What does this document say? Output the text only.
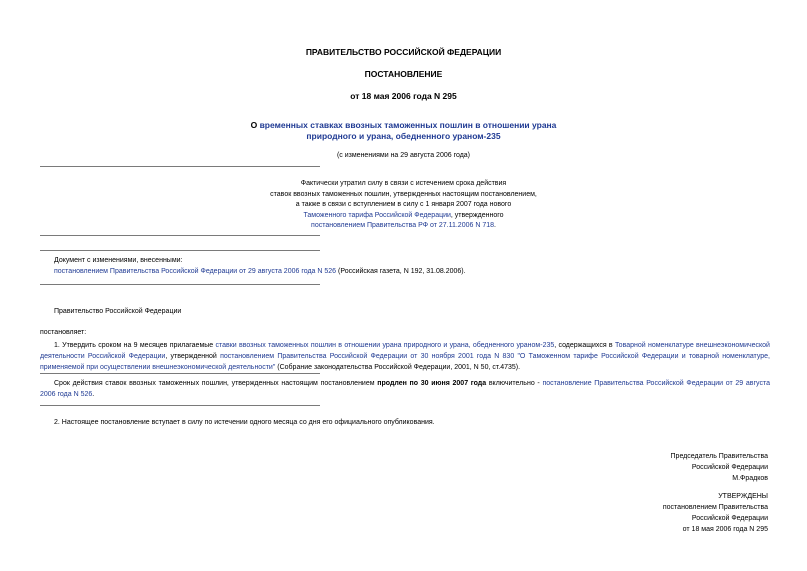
ПРАВИТЕЛЬСТВО РОССИЙСКОЙ ФЕДЕРАЦИИ
ПОСТАНОВЛЕНИЕ
от 18 мая 2006 года N 295
О временных ставках ввозных таможенных пошлин в отношении урана
природного и урана, обедненного ураном-235
(с изменениями на 29 августа 2006 года)
Фактически утратил силу в связи с истечением срока действия
ставок ввозных таможенных пошлин, утвержденных настоящим постановлением,
а также в связи с вступлением в силу с 1 января 2007 года нового
Таможенного тарифа Российской Федерации, утвержденного
постановлением Правительства РФ от 27.11.2006 N 718.
Документ с изменениями, внесенными:
постановлением Правительства Российской Федерации от 29 августа 2006 года N 526 (Российская газета, N 192, 31.08.2006).
Правительство Российской Федерации
постановляет:
1. Утвердить сроком на 9 месяцев прилагаемые ставки ввозных таможенных пошлин в отношении урана природного и урана, обедненного ураном-235, содержащихся в Товарной номенклатуре внешнеэкономической деятельности Российской Федерации, утвержденной постановлением Правительства Российской Федерации от 30 ноября 2001 года N 830 "О Таможенном тарифе Российской Федерации и товарной номенклатуре, применяемой при осуществлении внешнеэкономической деятельности" (Собрание законодательства Российской Федерации, 2001, N 50, ст.4735).
Срок действия ставок ввозных таможенных пошлин, утвержденных настоящим постановлением продлен по 30 июня 2007 года включительно - постановление Правительства Российской Федерации от 29 августа 2006 года N 526.
2. Настоящее постановление вступает в силу по истечении одного месяца со дня его официального опубликования.
Председатель Правительства
Российской Федерации
М.Фрадков
УТВЕРЖДЕНЫ
постановлением Правительства
Российской Федерации
от 18 мая 2006 года N 295
